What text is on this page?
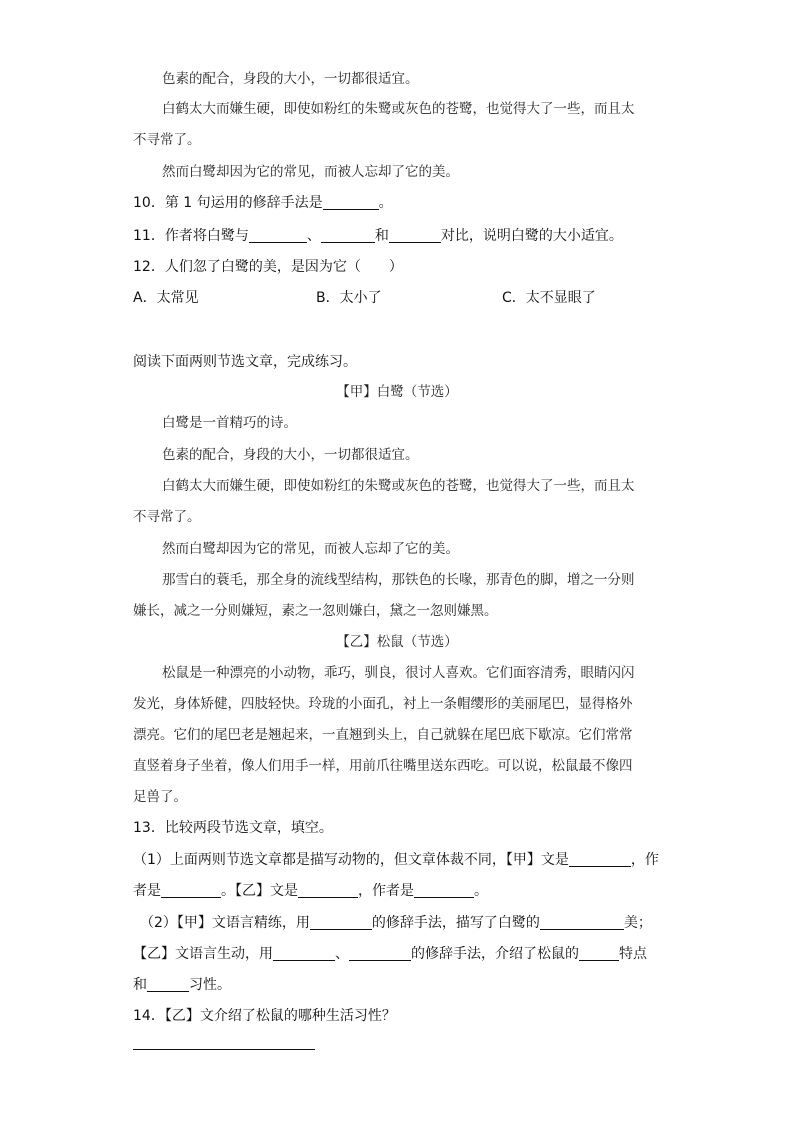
色素的配合，身段的大小，一切都很适宜。
白鹤太大而嫌生硬，即使如粉红的朱鹭或灰色的苍鹭，也觉得大了一些，而且太
不寻常了。
然而白鹭却因为它的常见，而被人忘却了它的美。
10．第 1 句运用的修辞手法是	。
11．作者将白鹭与	、	和	对比，说明白鹭的大小适宜。
12．人们忽了白鹭的美，是因为它（　　）
A．太常见	B．太小了	C．太不显眼了
阅读下面两则节选文章，完成练习。
【甲】白鹭（节选）
白鹭是一首精巧的诗。
色素的配合，身段的大小，一切都很适宜。
白鹤太大而嫌生硬，即使如粉红的朱鹭或灰色的苍鹭，也觉得大了一些，而且太
不寻常了。
然而白鹭却因为它的常见，而被人忘却了它的美。
那雪白的蓑毛，那全身的流线型结构，那铁色的长喙，那青色的脚，增之一分则
嫌长，减之一分则嫌短，素之一忽则嫌白，黛之一忽则嫌黑。
【乙】松鼠（节选）
松鼠是一种漂亮的小动物，乖巧，驯良，很讨人喜欢。它们面容清秀，眼睛闪闪
发光，身体矫健，四肢轻快。玲珑的小面孔，衬上一条帽缨形的美丽尾巴，显得格外
漂亮。它们的尾巴老是翘起来，一直翘到头上，自己就躲在尾巴底下歇凉。它们常常
直竖着身子坐着，像人们用手一样，用前爪往嘴里送东西吃。可以说，松鼠最不像四
足兽了。
13．比较两段节选文章，填空。
（1）上面两则节选文章都是描写动物的，但文章体裁不同，【甲】文是	，作
者是	。【乙】文是	，作者是	。
（2）【甲】文语言精练，用	的修辞手法，描写了白鹭的	美；
【乙】文语言生动，用	、	的修辞手法，介绍了松鼠的	特点
和	习性。
14．【乙】文介绍了松鼠的哪种生活习性？
